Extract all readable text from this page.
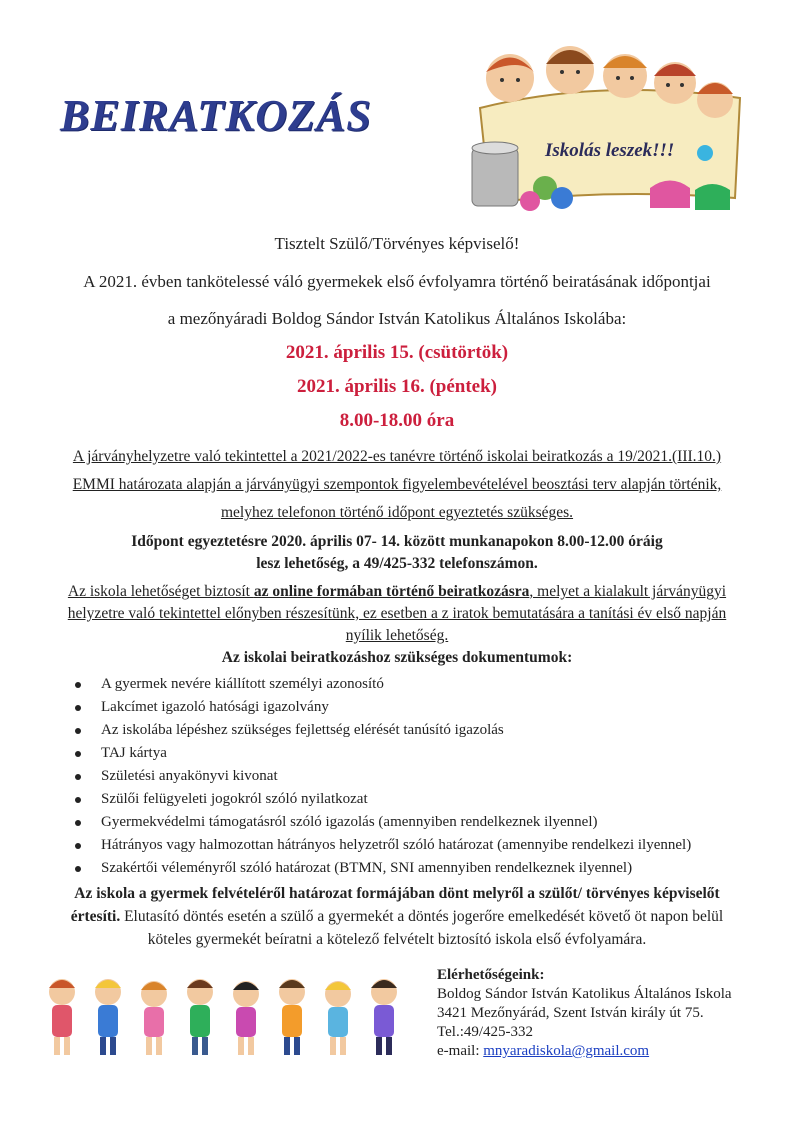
BEIRATKOZÁS
Iskolás leszek!!!
Tisztelt Szülő/Törvényes képviselő!
A 2021. évben tankötelessé váló gyermekek első évfolyamra történő beiratásának időpontjai
a mezőnyáradi Boldog Sándor István Katolikus Általános Iskolába:
2021. április 15. (csütörtök)
2021. április 16. (péntek)
8.00-18.00 óra
A járványhelyzetre való tekintettel a 2021/2022-es tanévre történő iskolai beiratkozás a 19/2021.(III.10.)
EMMI határozata alapján a járványügyi szempontok figyelembevételével beosztási terv alapján történik,
melyhez telefonon történő időpont egyeztetés szükséges.
Időpont egyeztetésre 2020. április 07- 14. között munkanapokon 8.00-12.00 óráig
lesz lehetőség, a 49/425-332 telefonszámon.
Az iskola lehetőséget biztosít az online formában történő beiratkozásra, melyet a kialakult járványügyi
helyzetre való tekintettel előnyben részesítünk, ez esetben a z iratok bemutatására a tanítási év első napján
nyílik lehetőség.
Az iskolai beiratkozáshoz szükséges dokumentumok:
A gyermek nevére kiállított személyi azonosító
Lakcímet igazoló hatósági igazolvány
Az iskolába lépéshez szükséges fejlettség elérését tanúsító igazolás
TAJ kártya
Születési anyakönyvi kivonat
Szülői felügyeleti jogokról szóló nyilatkozat
Gyermekvédelmi támogatásról szóló igazolás (amennyiben rendelkeznek ilyennel)
Hátrányos vagy halmozottan hátrányos helyzetről szóló határozat (amennyibe rendelkezi ilyennel)
Szakértői véleményről szóló határozat (BTMN, SNI amennyiben rendelkeznek ilyennel)
Az iskola a gyermek felvételéről határozat formájában dönt melyről a szülőt/ törvényes képviselőt
értesíti. Elutasító döntés esetén a szülő a gyermekét a döntés jogerőre emelkedését követő öt napon belül
köteles gyermekét beíratni a kötelező felvételt biztosító iskola első évfolyamára.
Elérhetőségeink:
Boldog Sándor István Katolikus Általános Iskola
3421 Mezőnyárád, Szent István király út 75.
Tel.:49/425-332
e-mail: mnyaradiskola@gmail.com
